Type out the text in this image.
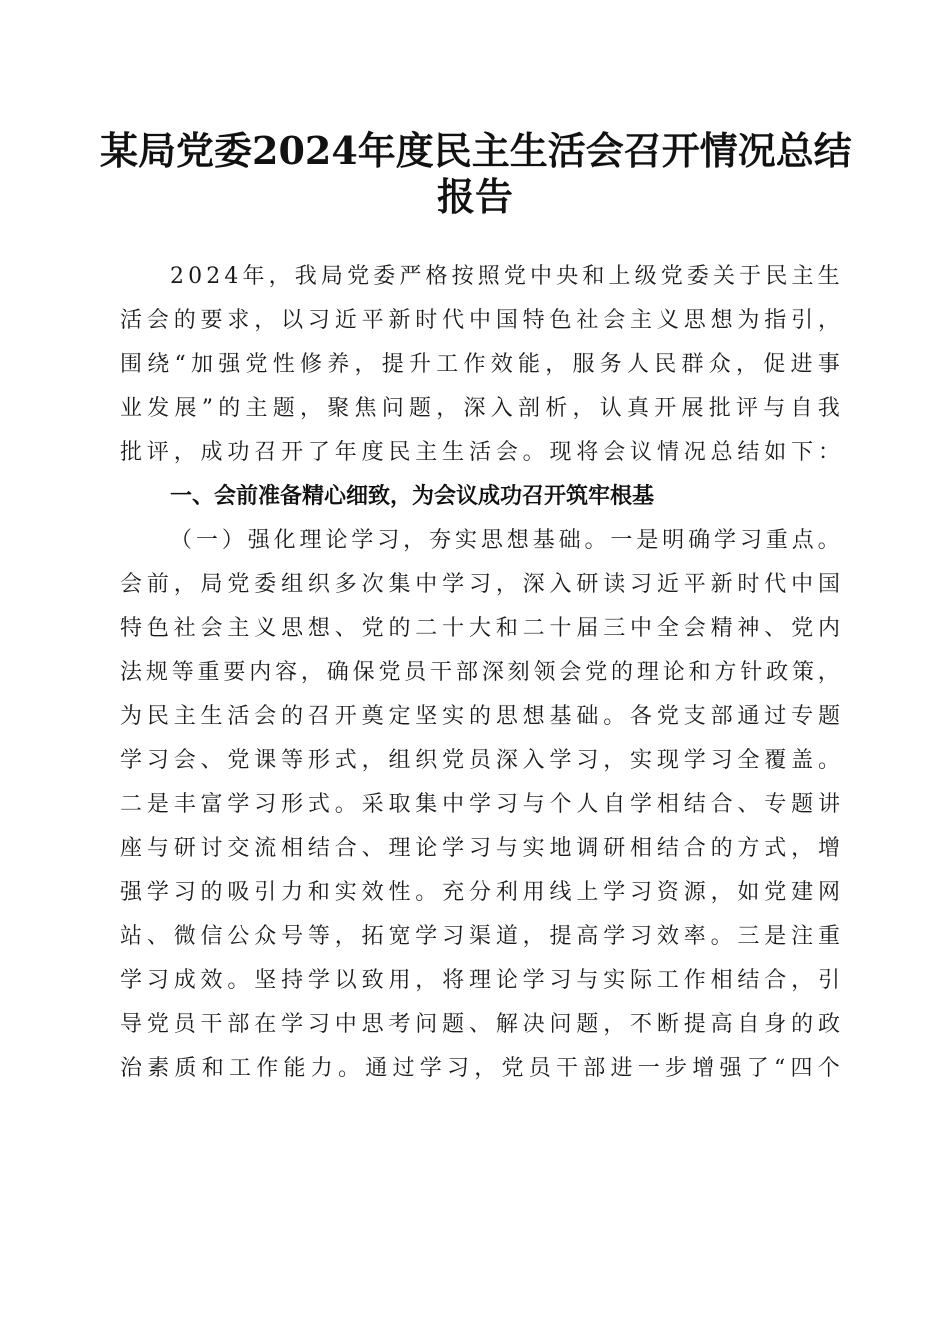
某局党委2024年度民主生活会召开情况总结
报告
2 0 2 4 年 ， 我 局 党 委 严 格 按 照 党 中 央 和 上 级 党 委 关 于 民 主 生
活 会 的 要 求 ， 以 习 近 平 新 时 代 中 国 特 色 社 会 主 义 思 想 为 指 引 ，
围 绕 “ 加 强 党 性 修 养 ， 提 升 工 作 效 能 ， 服 务 人 民 群 众 ， 促 进 事
业 发 展 ” 的 主 题 ， 聚 焦 问 题 ， 深 入 剖 析 ， 认 真 开 展 批 评 与 自 我
批 评 ， 成 功 召 开 了 年 度 民 主 生 活 会 。 现 将 会 议 情 况 总 结 如 下 ：
一、会前准备精心细致，为会议成功召开筑牢根基
（ 一 ） 强 化 理 论 学 习 ， 夯 实 思 想 基 础 。 一 是 明 确 学 习 重 点 。
会 前 ， 局 党 委 组 织 多 次 集 中 学 习 ， 深 入 研 读 习 近 平 新 时 代 中 国
特 色 社 会 主 义 思 想 、 党 的 二 十 大 和 二 十 届 三 中 全 会 精 神 、 党 内
法 规 等 重 要 内 容 ， 确 保 党 员 干 部 深 刻 领 会 党 的 理 论 和 方 针 政 策 ，
为 民 主 生 活 会 的 召 开 奠 定 坚 实 的 思 想 基 础 。 各 党 支 部 通 过 专 题
学 习 会 、 党 课 等 形 式 ， 组 织 党 员 深 入 学 习 ， 实 现 学 习 全 覆 盖 。
二 是 丰 富 学 习 形 式 。 采 取 集 中 学 习 与 个 人 自 学 相 结 合 、 专 题 讲
座 与 研 讨 交 流 相 结 合 、 理 论 学 习 与 实 地 调 研 相 结 合 的 方 式 ， 增
强 学 习 的 吸 引 力 和 实 效 性 。 充 分 利 用 线 上 学 习 资 源 ， 如 党 建 网
站 、 微 信 公 众 号 等 ， 拓 宽 学 习 渠 道 ， 提 高 学 习 效 率 。 三 是 注 重
学 习 成 效 。 坚 持 学 以 致 用 ， 将 理 论 学 习 与 实 际 工 作 相 结 合 ， 引
导 党 员 干 部 在 学 习 中 思 考 问 题 、 解 决 问 题 ， 不 断 提 高 自 身 的 政
治 素 质 和 工 作 能 力 。 通 过 学 习 ， 党 员 干 部 进 一 步 增 强 了 “ 四 个
